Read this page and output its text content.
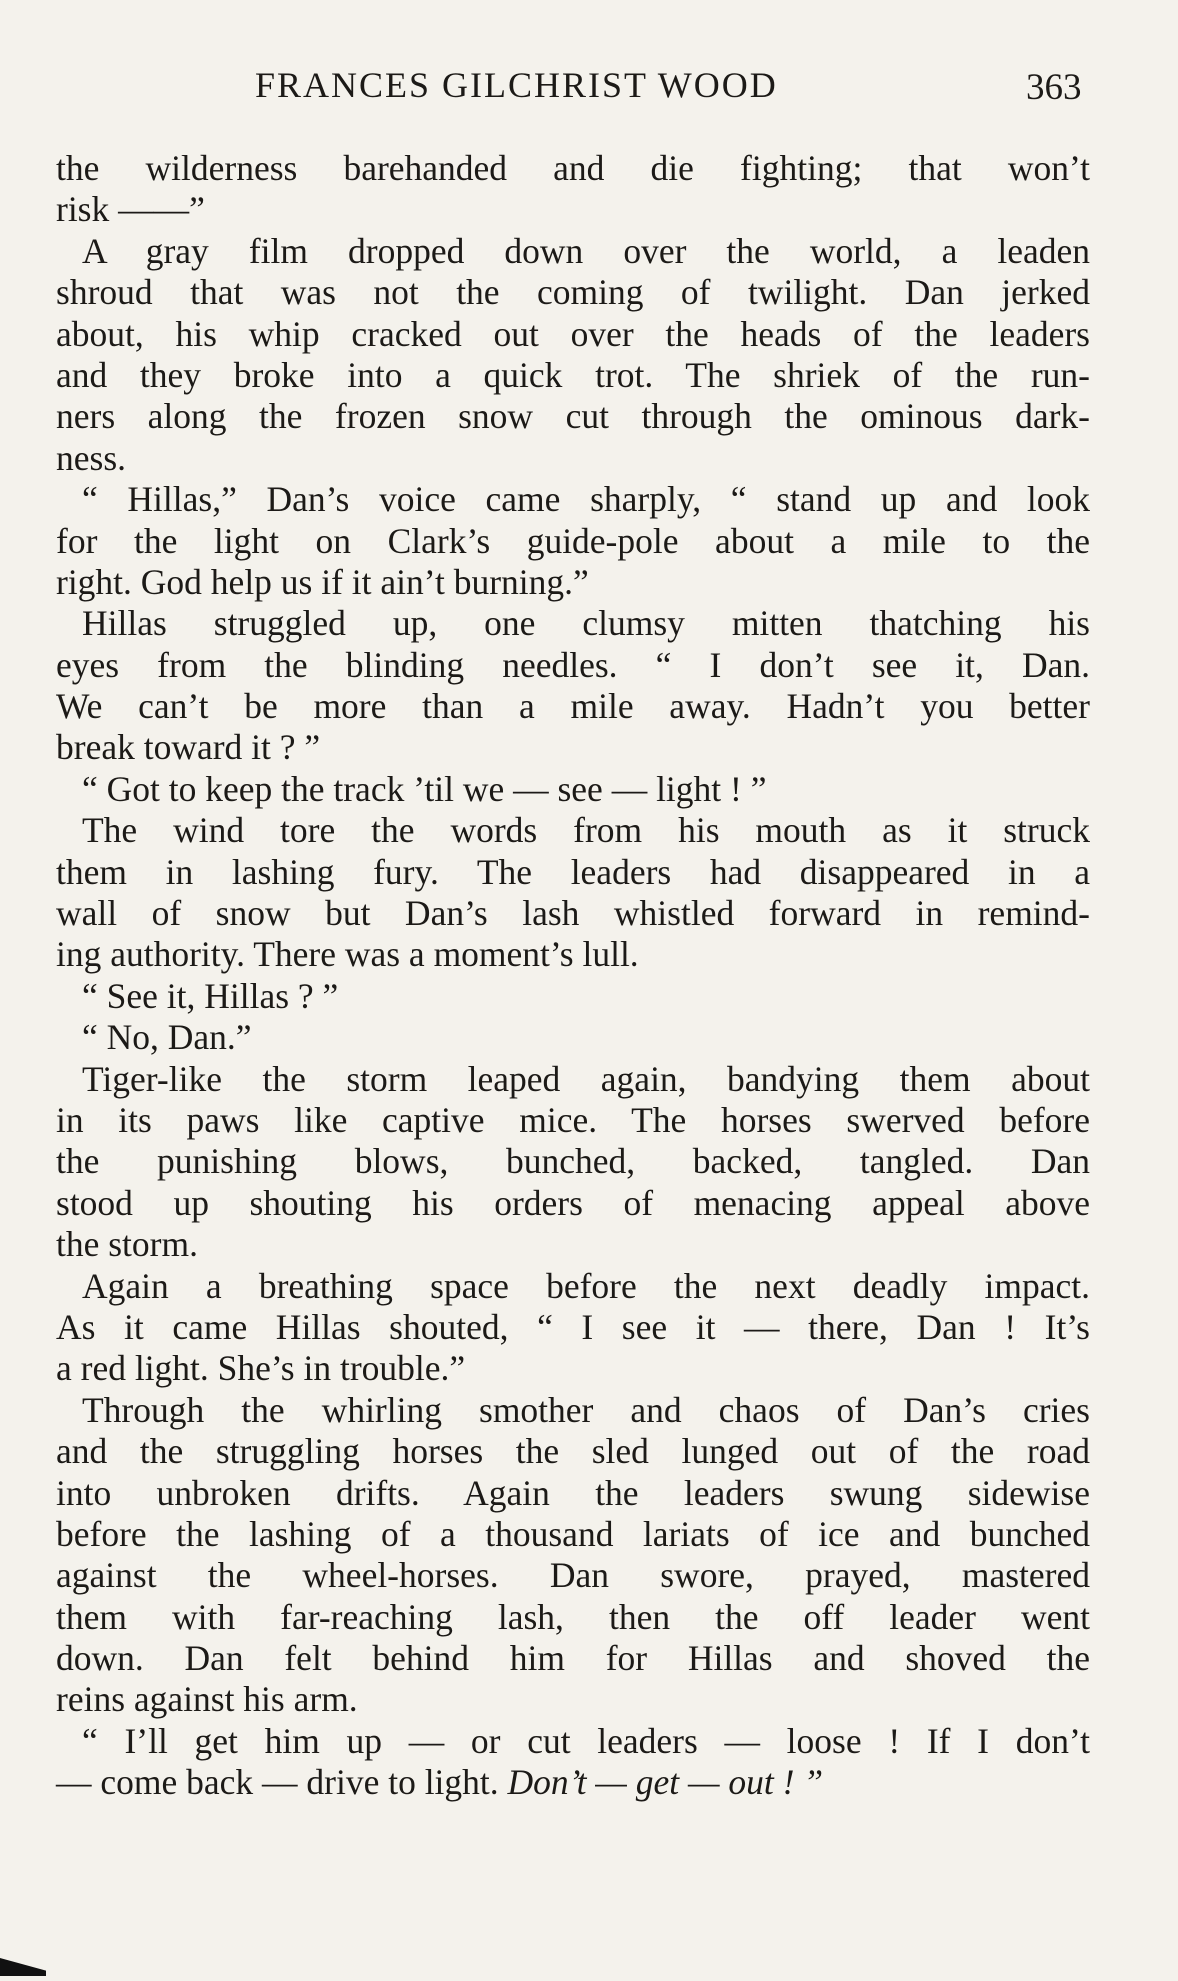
FRANCES GILCHRIST WOOD	363
the wilderness barehanded and die fighting; that won’t
risk ——”
A gray film dropped down over the world, a leaden
shroud that was not the coming of twilight. Dan jerked
about, his whip cracked out over the heads of the leaders
and they broke into a quick trot. The shriek of the run-
ners along the frozen snow cut through the ominous dark-
ness.
“ Hillas,” Dan’s voice came sharply, “ stand up and look
for the light on Clark’s guide-pole about a mile to the
right. God help us if it ain’t burning.”
Hillas struggled up, one clumsy mitten thatching his
eyes from the blinding needles. “ I don’t see it, Dan.
We can’t be more than a mile away. Hadn’t you better
break toward it ? ”
“ Got to keep the track ’til we — see — light ! ”
The wind tore the words from his mouth as it struck
them in lashing fury. The leaders had disappeared in a
wall of snow but Dan’s lash whistled forward in remind-
ing authority. There was a moment’s lull.
“ See it, Hillas ? ”
“ No, Dan.”
Tiger-like the storm leaped again, bandying them about
in its paws like captive mice. The horses swerved before
the punishing blows, bunched, backed, tangled. Dan
stood up shouting his orders of menacing appeal above
the storm.
Again a breathing space before the next deadly impact.
As it came Hillas shouted, “ I see it — there, Dan ! It’s
a red light. She’s in trouble.”
Through the whirling smother and chaos of Dan’s cries
and the struggling horses the sled lunged out of the road
into unbroken drifts. Again the leaders swung sidewise
before the lashing of a thousand lariats of ice and bunched
against the wheel-horses. Dan swore, prayed, mastered
them with far-reaching lash, then the off leader went
down. Dan felt behind him for Hillas and shoved the
reins against his arm.
“ I’ll get him up — or cut leaders — loose ! If I don’t
— come back — drive to light. Don’t — get — out ! ”
